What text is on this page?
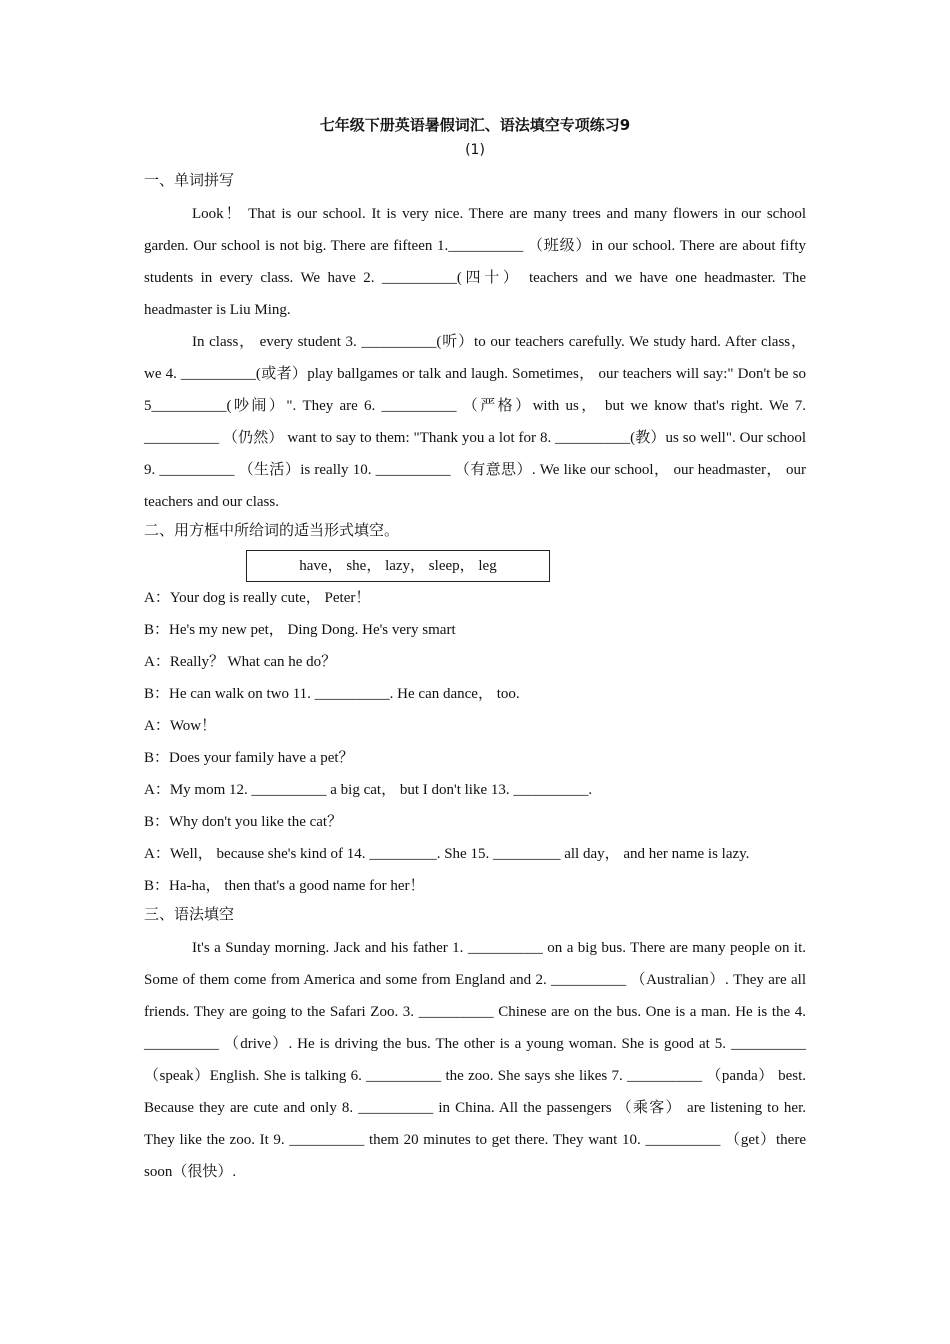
七年级下册英语暑假词汇、语法填空专项练习9

(1)

一、单词拼写

Look！ That is our school. It is very nice. There are many trees and many flowers in our school garden. Our school is not big. There are fifteen 1.__________ （班级）in our school. There are about fifty students in every class. We have 2. __________(四十） teachers and we have one headmaster. The headmaster is Liu Ming.

In class， every student 3. __________(听）to our teachers carefully. We study hard. After class， we 4. __________(或者）play ballgames or talk and laugh. Sometimes， our teachers will say:" Don't be so 5__________(吵闹）". They are 6. __________ （严格）with us， but we know that's right. We 7. __________ （仍然） want to say to them: "Thank you a lot for 8. __________(教）us so well". Our school 9. __________ （生活）is really 10. __________ （有意思）. We like our school， our headmaster， our teachers and our class.

二、用方框中所给词的适当形式填空。

have， she， lazy， sleep， leg

A：Your dog is really cute， Peter！

B：He's my new pet， Ding Dong. He's very smart

A：Really？ What can he do？

B：He can walk on two 11. __________. He can dance， too.

A：Wow！

B：Does your family have a pet？

A：My mom 12. __________ a big cat， but I don't like 13. __________.

B：Why don't you like the cat？

A：Well， because she's kind of 14. _________. She 15. _________ all day， and her name is lazy.

B：Ha-ha， then that's a good name for her！

三、语法填空

It's a Sunday morning. Jack and his father 1. __________ on a big bus. There are many people on it. Some of them come from America and some from England and 2. __________ （Australian）. They are all friends. They are going to the Safari Zoo. 3. __________ Chinese are on the bus. One is a man. He is the 4. __________ （drive）. He is driving the bus. The other is a young woman. She is good at 5. __________ （speak）English. She is talking 6. __________ the zoo. She says she likes 7. __________ （panda） best. Because they are cute and only 8. __________ in China. All the passengers （乘客） are listening to her. They like the zoo. It 9. __________ them 20 minutes to get there. They want 10. __________ （get）there soon（很快）.
